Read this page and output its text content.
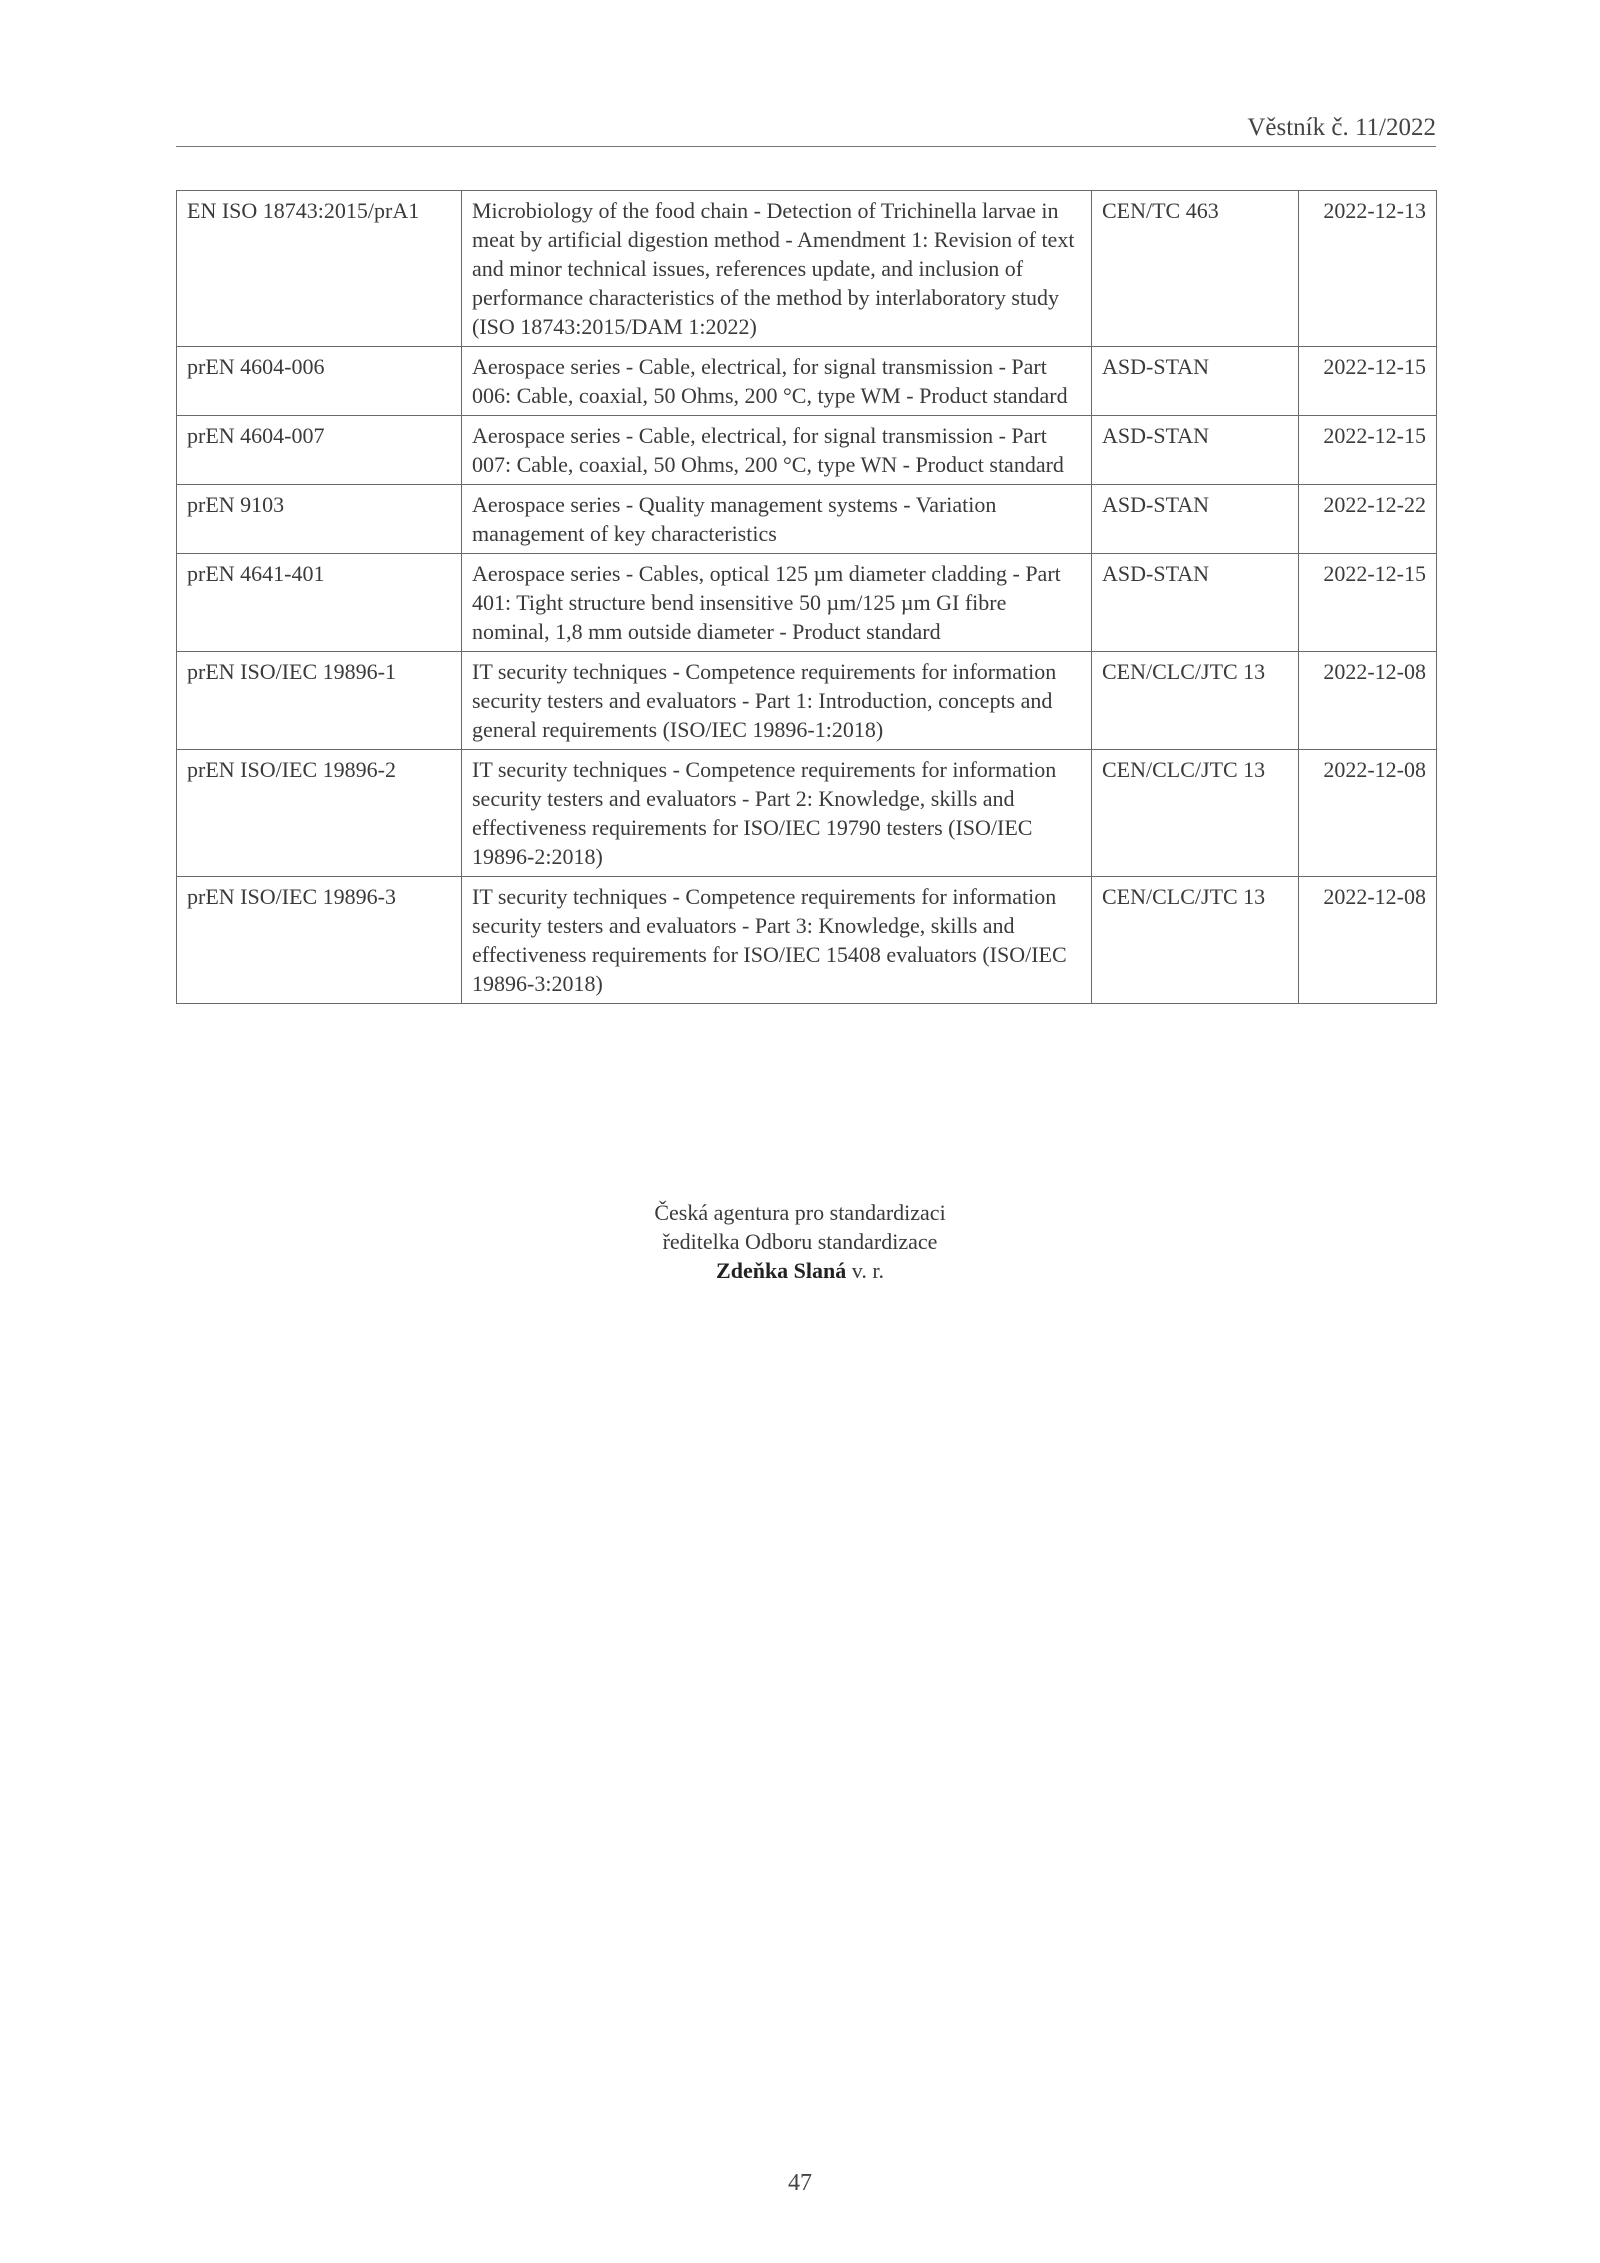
Věstník č. 11/2022
EN ISO 18743:2015/prA1	Microbiology of the food chain - Detection of Trichinella larvae in meat by artificial digestion method - Amendment 1: Revision of text and minor technical issues, references update, and inclusion of performance characteristics of the method by interlaboratory study (ISO 18743:2015/DAM 1:2022)	CEN/TC 463	2022-12-13
prEN 4604-006	Aerospace series - Cable, electrical, for signal transmission - Part 006: Cable, coaxial, 50 Ohms, 200 °C, type WM - Product standard	ASD-STAN	2022-12-15
prEN 4604-007	Aerospace series - Cable, electrical, for signal transmission - Part 007: Cable, coaxial, 50 Ohms, 200 °C, type WN - Product standard	ASD-STAN	2022-12-15
prEN 9103	Aerospace series - Quality management systems - Variation management of key characteristics	ASD-STAN	2022-12-22
prEN 4641-401	Aerospace series - Cables, optical 125 µm diameter cladding - Part 401: Tight structure bend insensitive 50 µm/125 µm GI fibre nominal, 1,8 mm outside diameter - Product standard	ASD-STAN	2022-12-15
prEN ISO/IEC 19896-1	IT security techniques - Competence requirements for information security testers and evaluators - Part 1: Introduction, concepts and general requirements (ISO/IEC 19896-1:2018)	CEN/CLC/JTC 13	2022-12-08
prEN ISO/IEC 19896-2	IT security techniques - Competence requirements for information security testers and evaluators - Part 2: Knowledge, skills and effectiveness requirements for ISO/IEC 19790 testers (ISO/IEC 19896-2:2018)	CEN/CLC/JTC 13	2022-12-08
prEN ISO/IEC 19896-3	IT security techniques - Competence requirements for information security testers and evaluators - Part 3: Knowledge, skills and effectiveness requirements for ISO/IEC 15408 evaluators (ISO/IEC 19896-3:2018)	CEN/CLC/JTC 13	2022-12-08
Česká agentura pro standardizaci
ředitelka Odboru standardizace
Zdeňka Slaná v. r.
47
